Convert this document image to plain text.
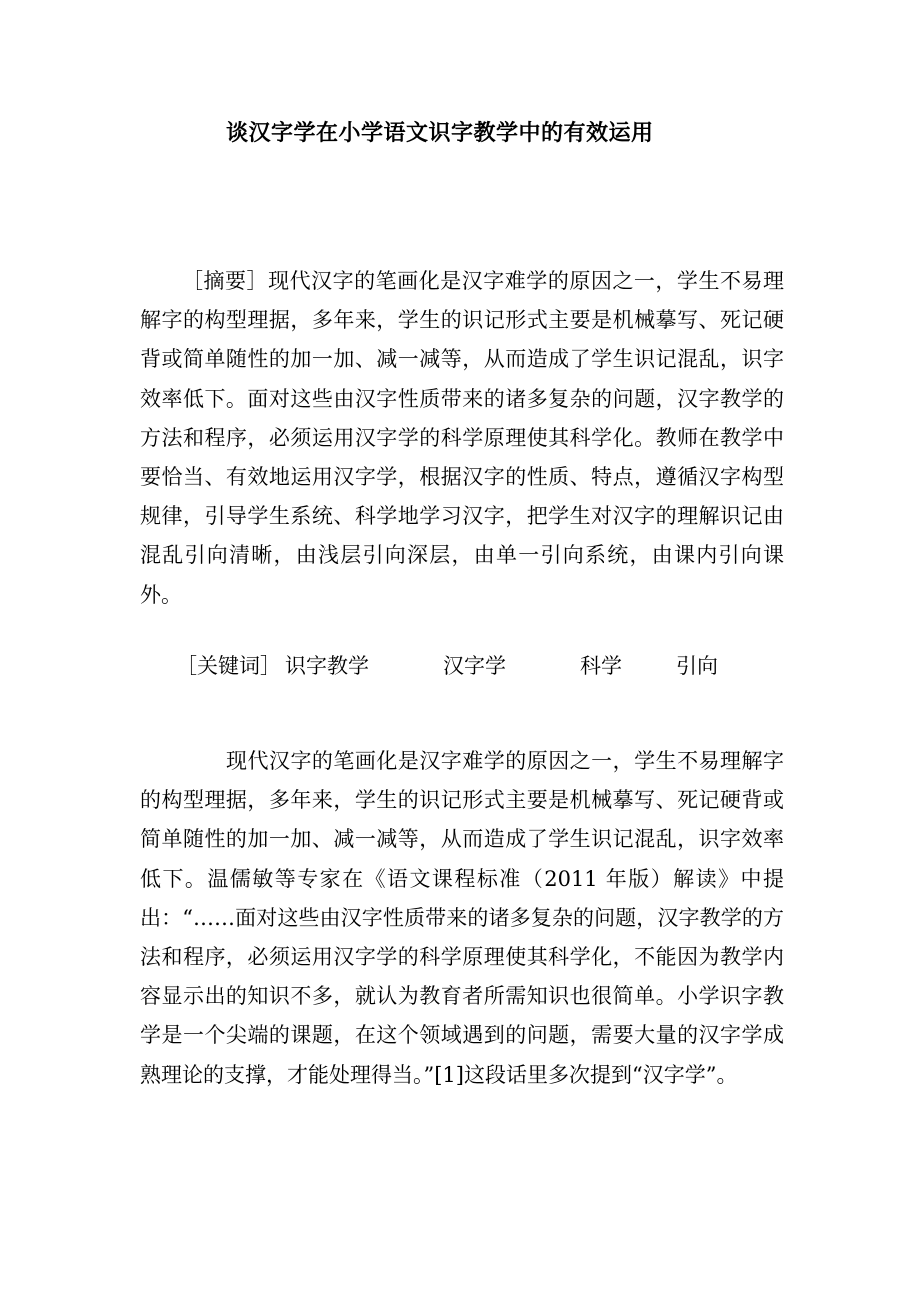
谈汉字学在小学语文识字教学中的有效运用

［摘要］现代汉字的笔画化是汉字难学的原因之一，学生不易理解字的构型理据，多年来，学生的识记形式主要是机械摹写、死记硬背或简单随性的加一加、减一减等，从而造成了学生识记混乱，识字效率低下。面对这些由汉字性质带来的诸多复杂的问题，汉字教学的方法和程序，必须运用汉字学的科学原理使其科学化。教师在教学中要恰当、有效地运用汉字学，根据汉字的性质、特点，遵循汉字构型规律，引导学生系统、科学地学习汉字，把学生对汉字的理解识记由混乱引向清晰，由浅层引向深层，由单一引向系统，由课内引向课外。

［关键词］ 识字教学	汉字学	科学	引向

现代汉字的笔画化是汉字难学的原因之一，学生不易理解字的构型理据，多年来，学生的识记形式主要是机械摹写、死记硬背或简单随性的加一加、减一减等，从而造成了学生识记混乱，识字效率低下。温儒敏等专家在《语文课程标准（2011 年版）解读》中提出：“……面对这些由汉字性质带来的诸多复杂的问题，汉字教学的方法和程序，必须运用汉字学的科学原理使其科学化，不能因为教学内容显示出的知识不多，就认为教育者所需知识也很简单。小学识字教学是一个尖端的课题，在这个领域遇到的问题，需要大量的汉字学成熟理论的支撑，才能处理得当。”[1]这段话里多次提到“汉字学”。
